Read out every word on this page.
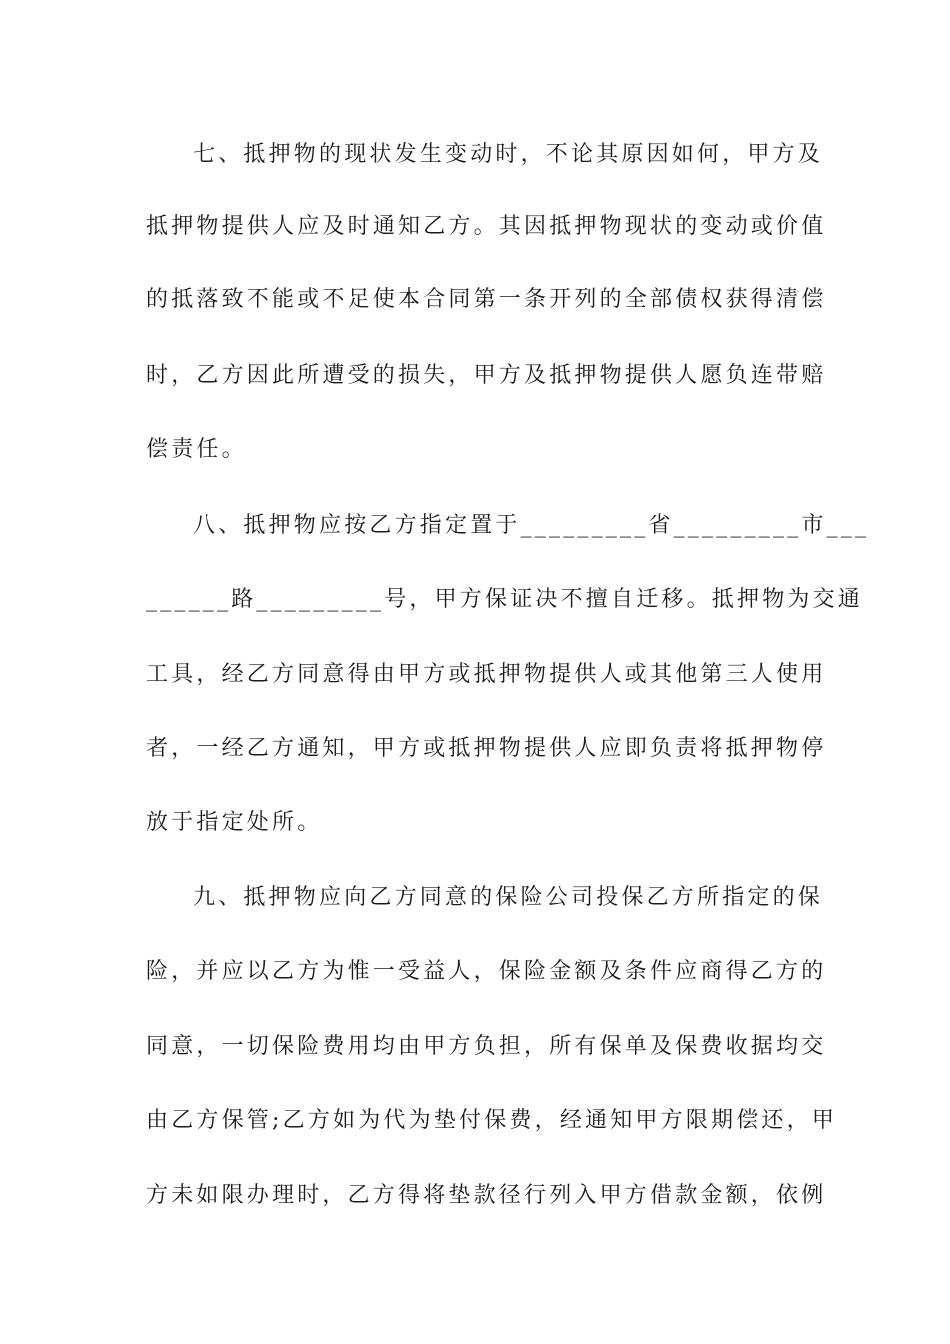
七、抵押物的现状发生变动时，不论其原因如何，甲方及
抵押物提供人应及时通知乙方。其因抵押物现状的变动或价值
的抵落致不能或不足使本合同第一条开列的全部债权获得清偿
时，乙方因此所遭受的损失，甲方及抵押物提供人愿负连带赔
偿责任。
八、抵押物应按乙方指定置于_________省_________市___
______路_________号，甲方保证决不擅自迁移。抵押物为交通
工具，经乙方同意得由甲方或抵押物提供人或其他第三人使用
者，一经乙方通知，甲方或抵押物提供人应即负责将抵押物停
放于指定处所。
九、抵押物应向乙方同意的保险公司投保乙方所指定的保
险，并应以乙方为惟一受益人，保险金额及条件应商得乙方的
同意，一切保险费用均由甲方负担，所有保单及保费收据均交
由乙方保管;乙方如为代为垫付保费，经通知甲方限期偿还，甲
方未如限办理时，乙方得将垫款径行列入甲方借款金额，依例
